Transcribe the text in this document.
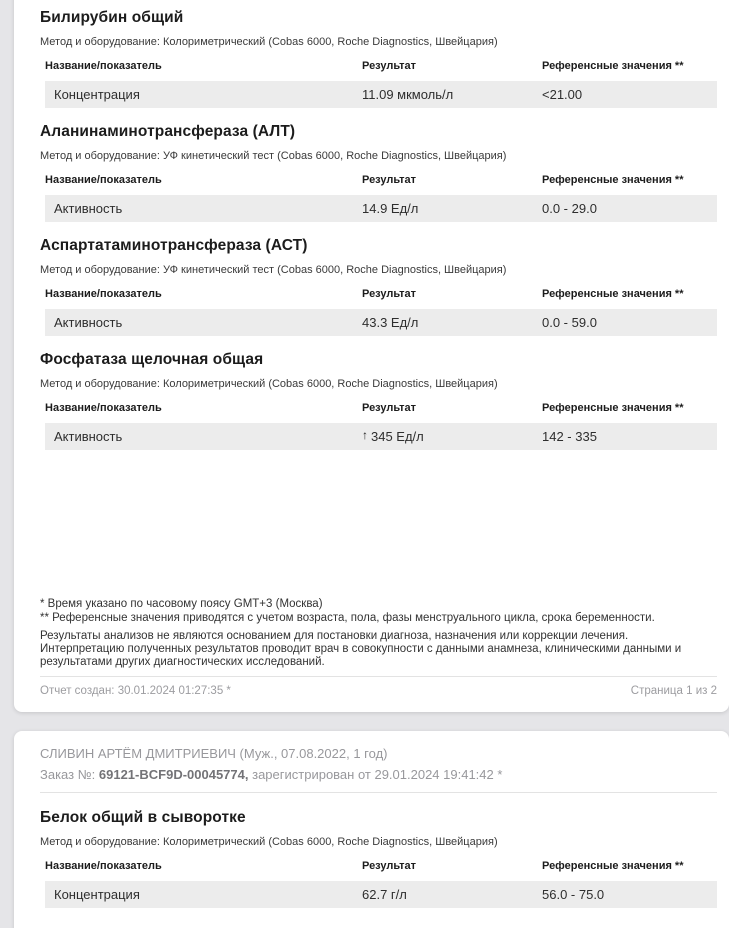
Билирубин общий

Метод и оборудование: Колориметрический (Cobas 6000, Roche Diagnostics, Швейцария)

Название/показатель	Результат	Референсные значения **
Концентрация	11.09 мкмоль/л	<21.00
Аланинаминотрансфераза (АЛТ)

Метод и оборудование: УФ кинетический тест (Cobas 6000, Roche Diagnostics, Швейцария)

Название/показатель	Результат	Референсные значения **
Активность	14.9 Ед/л	0.0 - 29.0
Аспартатаминотрансфераза (АСТ)

Метод и оборудование: УФ кинетический тест (Cobas 6000, Roche Diagnostics, Швейцария)

Название/показатель	Результат	Референсные значения **
Активность	43.3 Ед/л	0.0 - 59.0
Фосфатаза щелочная общая

Метод и оборудование: Колориметрический (Cobas 6000, Roche Diagnostics, Швейцария)

Название/показатель	Результат	Референсные значения **
Активность	↑ 345 Ед/л	142 - 335

* Время указано по часовому поясу GMT+3 (Москва)

** Референсные значения приводятся с учетом возраста, пола, фазы менструального цикла, срока беременности.

Результаты анализов не являются основанием для постановки диагноза, назначения или коррекции лечения. Интерпретацию полученных результатов проводит врач в совокупности с данными анамнеза, клиническими данными и результатами других диагностических исследований.

Отчет создан: 30.01.2024 01:27:35 *	Страница 1 из 2
СЛИВИН АРТЁМ ДМИТРИЕВИЧ (Муж., 07.08.2022, 1 год)
Заказ №: 69121-BCF9D-00045774, зарегистрирован от 29.01.2024 19:41:42 *
Белок общий в сыворотке

Метод и оборудование: Колориметрический (Cobas 6000, Roche Diagnostics, Швейцария)

Название/показатель	Результат	Референсные значения **
Концентрация	62.7 г/л	56.0 - 75.0
